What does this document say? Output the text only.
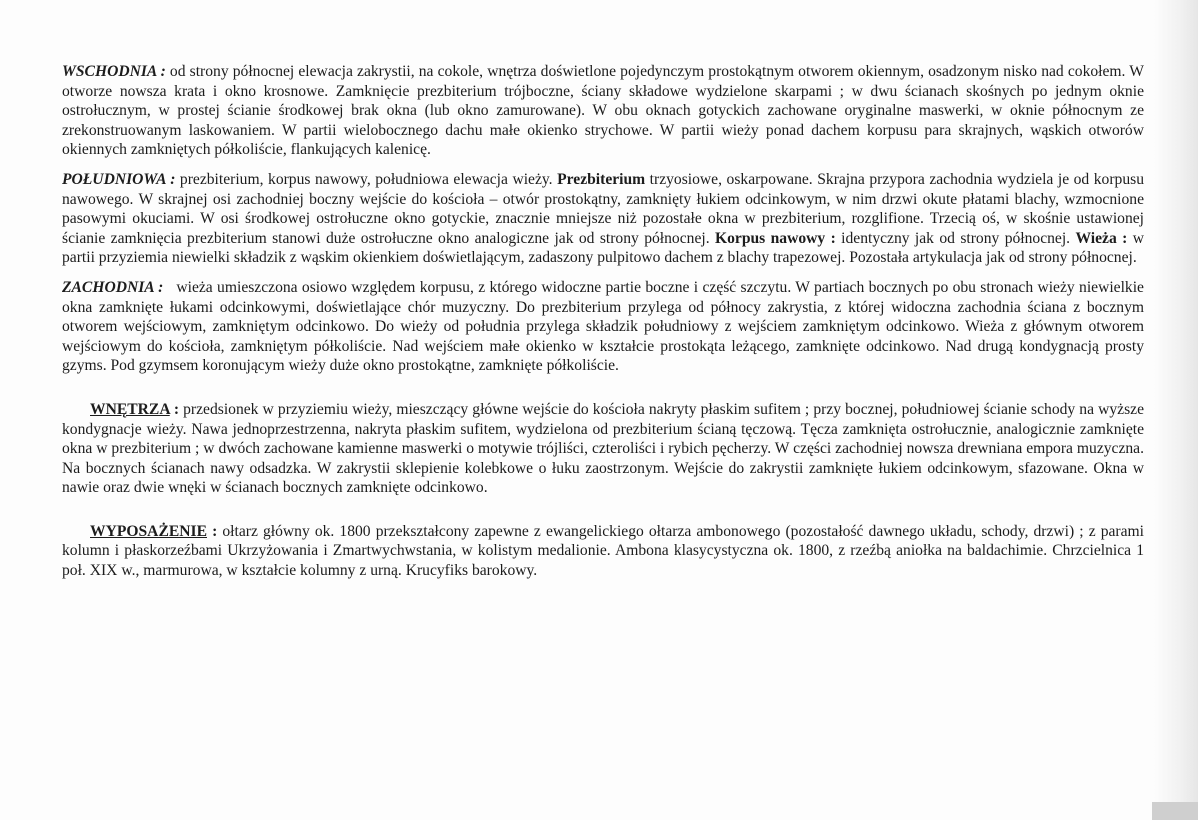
WSCHODNIA : od strony północnej elewacja zakrystii, na cokole, wnętrza doświetlone pojedynczym prostokątnym otworem okiennym, osadzonym nisko nad cokołem. W otworze nowsza krata i okno krosnowe. Zamknięcie prezbiterium trójboczne, ściany składowe wydzielone skarpami ; w dwu ścianach skośnych po jednym oknie ostrołucznym, w prostej ścianie środkowej brak okna (lub okno zamurowane). W obu oknach gotyckich zachowane oryginalne maswerki, w oknie północnym ze zrekonstruowanym laskowaniem. W partii wielobocznego dachu małe okienko strychowe. W partii wieży ponad dachem korpusu para skrajnych, wąskich otworów okiennych zamkniętych półkoliście, flankujących kalenicę.

POŁUDNIOWA : prezbiterium, korpus nawowy, południowa elewacja wieży. Prezbiterium trzyosiowe, oskarpowane. Skrajna przypora zachodnia wydziela je od korpusu nawowego. W skrajnej osi zachodniej boczny wejście do kościoła – otwór prostokątny, zamknięty łukiem odcinkowym, w nim drzwi okute płatami blachy, wzmocnione pasowymi okuciami. W osi środkowej ostrołuczne okno gotyckie, znacznie mniejsze niż pozostałe okna w prezbiterium, rozglifione. Trzecią oś, w skośnie ustawionej ścianie zamknięcia prezbiterium stanowi duże ostrołuczne okno analogiczne jak od strony północnej. Korpus nawowy : identyczny jak od strony północnej. Wieża : w partii przyziemia niewielki składzik z wąskim okienkiem doświetlającym, zadaszony pulpitowo dachem z blachy trapezowej. Pozostała artykulacja jak od strony północnej.

ZACHODNIA :   wieża umieszczona osiowo względem korpusu, z którego widoczne partie boczne i część szczytu. W partiach bocznych po obu stronach wieży niewielkie okna zamknięte łukami odcinkowymi, doświetlające chór muzyczny. Do prezbiterium przylega od północy zakrystia, z której widoczna zachodnia ściana z bocznym otworem wejściowym, zamkniętym odcinkowo. Do wieży od południa przylega składzik południowy z wejściem zamkniętym odcinkowo. Wieża z głównym otworem wejściowym do kościoła, zamkniętym półkoliście. Nad wejściem małe okienko w kształcie prostokąta leżącego, zamknięte odcinkowo. Nad drugą kondygnacją prosty gzyms. Pod gzymsem koronującym wieży duże okno prostokątne, zamknięte półkoliście.

WNĘTRZA : przedsionek w przyziemiu wieży, mieszczący główne wejście do kościoła nakryty płaskim sufitem ; przy bocznej, południowej ścianie schody na wyższe kondygnacje wieży. Nawa jednoprzestrzenna, nakryta płaskim sufitem, wydzielona od prezbiterium ścianą tęczową. Tęcza zamknięta ostrołucznie, analogicznie zamknięte okna w prezbiterium ; w dwóch zachowane kamienne maswerki o motywie trójliści, czteroliści i rybich pęcherzy. W części zachodniej nowsza drewniana empora muzyczna. Na bocznych ścianach nawy odsadzka. W zakrystii sklepienie kolebkowe o łuku zaostrzonym. Wejście do zakrystii zamknięte łukiem odcinkowym, sfazowane. Okna w nawie oraz dwie wnęki w ścianach bocznych zamknięte odcinkowo.

WYPOSAŻENIE : ołtarz główny ok. 1800 przekształcony zapewne z ewangelickiego ołtarza ambonowego (pozostałość dawnego układu, schody, drzwi) ; z parami kolumn i płaskorzeźbami Ukrzyżowania i Zmartwychwstania, w kolistym medalionie. Ambona klasycystyczna ok. 1800, z rzeźbą aniołka na baldachimie. Chrzcielnica 1 poł. XIX w., marmurowa, w kształcie kolumny z urną. Krucyfiks barokowy.
